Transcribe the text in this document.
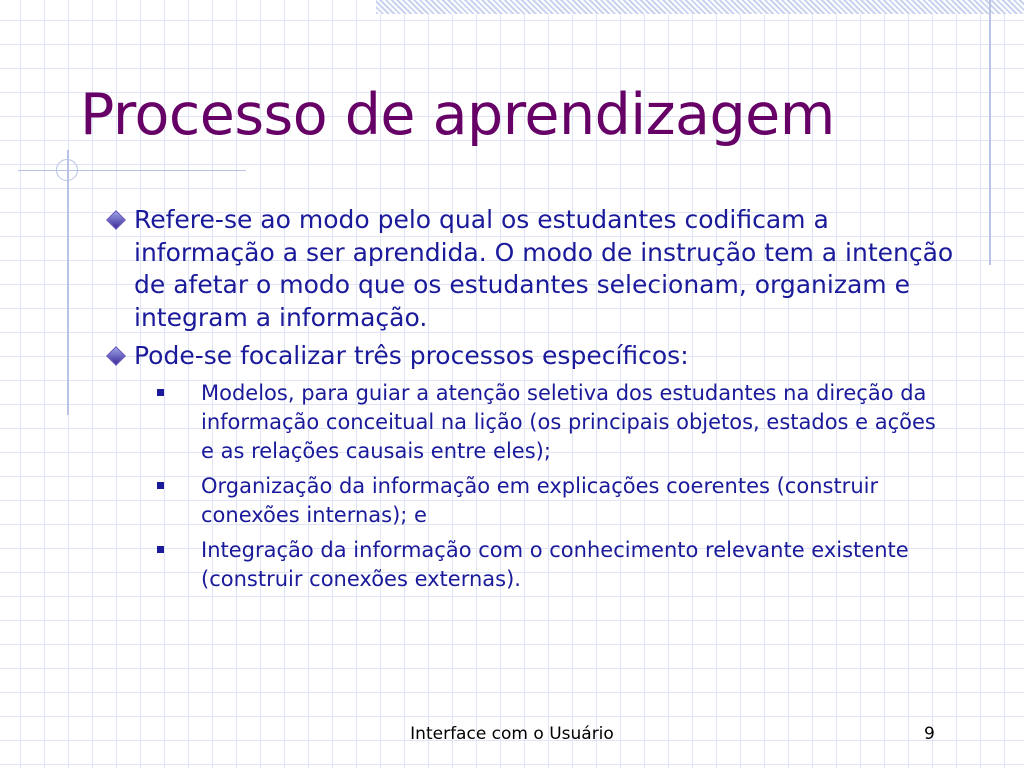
Processo de aprendizagem
Refere-se ao modo pelo qual os estudantes codificam a informação a ser aprendida. O modo de instrução tem a intenção de afetar o modo que os estudantes selecionam, organizam e integram a informação.
Pode-se focalizar três processos específicos:
Modelos, para guiar a atenção seletiva dos estudantes na direção da informação conceitual na lição (os principais objetos, estados e ações e as relações causais entre eles);
Organização da informação em explicações coerentes (construir conexões internas); e
Integração da informação com o conhecimento relevante existente (construir conexões externas).
Interface com o Usuário	9
